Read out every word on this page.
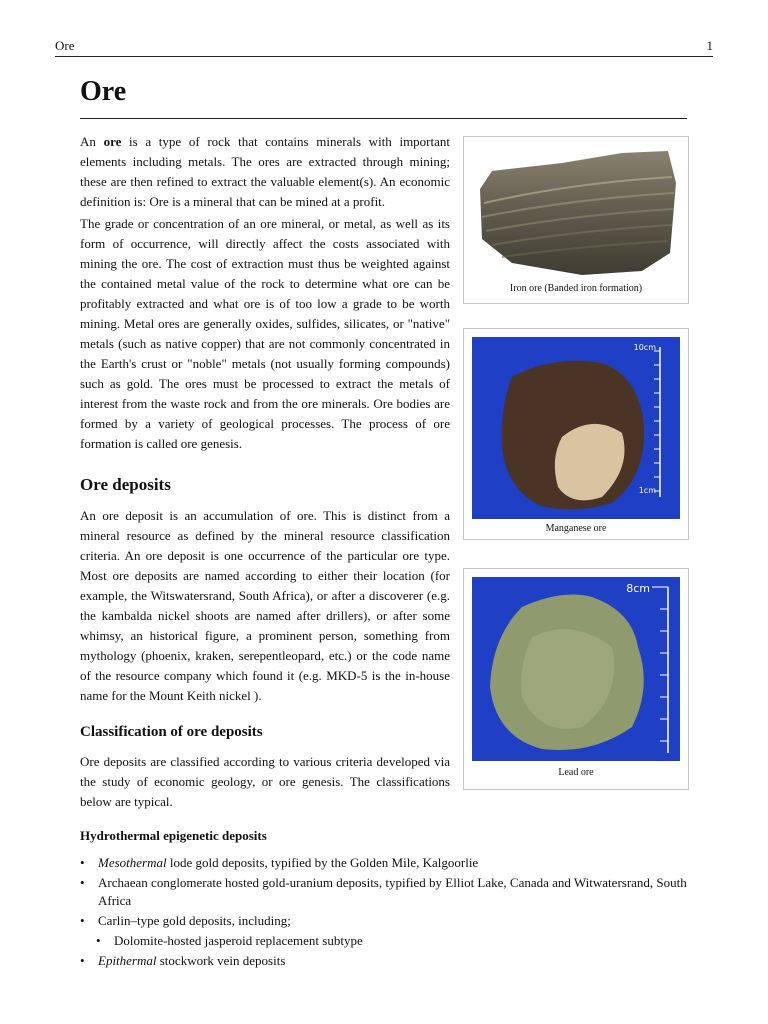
Ore	1
Ore

An ore is a type of rock that contains minerals with important elements including metals. The ores are extracted through mining; these are then refined to extract the valuable element(s). An economic definition is: Ore is a mineral that can be mined at a profit.

The grade or concentration of an ore mineral, or metal, as well as its form of occurrence, will directly affect the costs associated with mining the ore. The cost of extraction must thus be weighted against the contained metal value of the rock to determine what ore can be profitably extracted and what ore is of too low a grade to be worth mining. Metal ores are generally oxides, sulfides, silicates, or "native" metals (such as native copper) that are not commonly concentrated in the Earth's crust or "noble" metals (not usually forming compounds) such as gold. The ores must be processed to extract the metals of interest from the waste rock and from the ore minerals. Ore bodies are formed by a variety of geological processes. The process of ore formation is called ore genesis.

Ore deposits

An ore deposit is an accumulation of ore. This is distinct from a mineral resource as defined by the mineral resource classification criteria. An ore deposit is one occurrence of the particular ore type. Most ore deposits are named according to either their location (for example, the Witswatersrand, South Africa), or after a discoverer (e.g. the kambalda nickel shoots are named after drillers), or after some whimsy, an historical figure, a prominent person, something from mythology (phoenix, kraken, serepentleopard, etc.) or the code name of the resource company which found it (e.g. MKD-5 is the in-house name for the Mount Keith nickel ).

Classification of ore deposits

Ore deposits are classified according to various criteria developed via the study of economic geology, or ore genesis. The classifications below are typical.

Hydrothermal epigenetic deposits
• Mesothermal lode gold deposits, typified by the Golden Mile, Kalgoorlie
• Archaean conglomerate hosted gold-uranium deposits, typified by Elliot Lake, Canada and Witwatersrand, South Africa
• Carlin–type gold deposits, including;
• Dolomite-hosted jasperoid replacement subtype
• Epithermal stockwork vein deposits
Iron ore (Banded iron formation)
10cm
1cm
Manganese ore
8cm
Lead ore
